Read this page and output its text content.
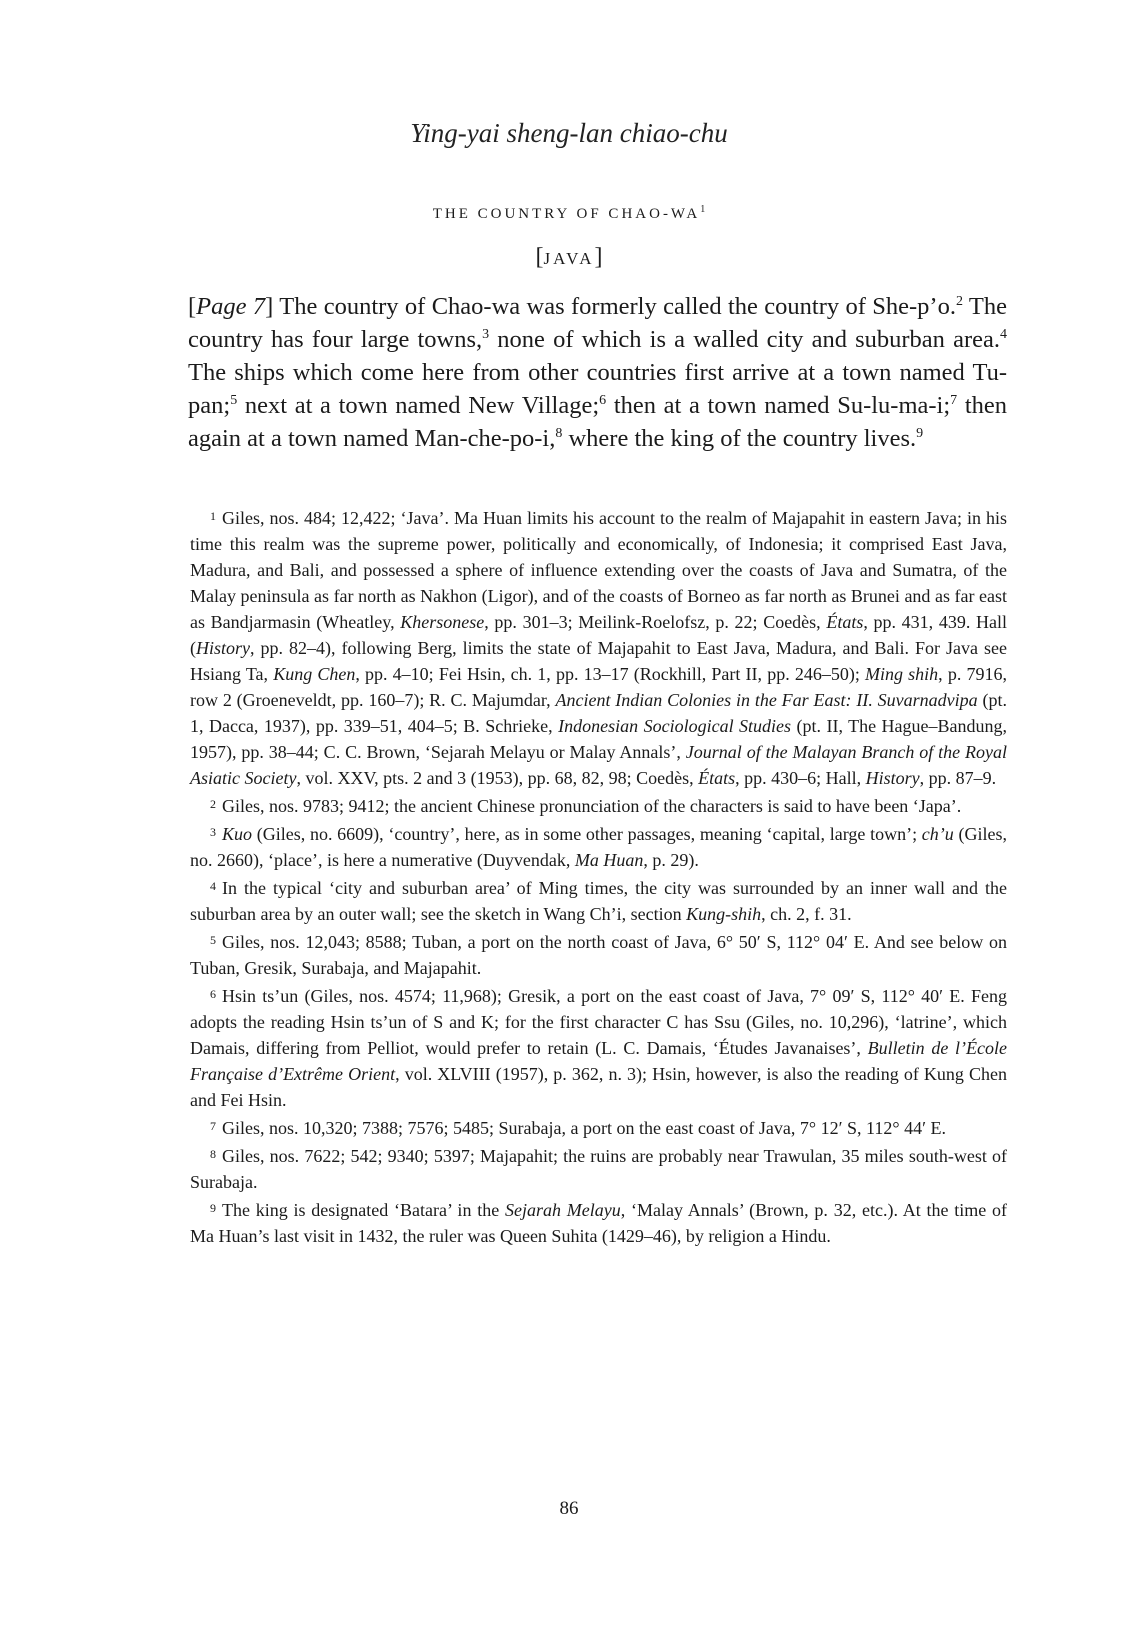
Ying-yai sheng-lan chiao-chu
THE COUNTRY OF CHAO-$WA^1$
[JAVA]

[Page 7] The country of Chao-wa was formerly called the country of She-p’o.$^2$ The country has four large towns,$^3$ none of which is a walled city and suburban area.$^4$ The ships which come here from other countries first arrive at a town named Tu-pan;$^5$ next at a town named New Village;$^6$ then at a town named Su-lu-ma-i;$^7$ then again at a town named Man-che-po-i,$^8$ where the king of the country lives.$^9$

$^1$ Giles, nos. 484; 12,422; ‘Java’. Ma Huan limits his account to the realm of Majapahit in eastern Java; in his time this realm was the supreme power, politically and economically, of Indonesia; it comprised East Java, Madura, and Bali, and possessed a sphere of influence extending over the coasts of Java and Sumatra, of the Malay peninsula as far north as Nakhon (Ligor), and of the coasts of Borneo as far north as Brunei and as far east as Bandjarmasin (Wheatley, Khersonese, pp. 301–3; Meilink-Roelofsz, p. 22; Coedès, États, pp. 431, 439. Hall (History, pp. 82–4), following Berg, limits the state of Majapahit to East Java, Madura, and Bali. For Java see Hsiang Ta, Kung Chen, pp. 4–10; Fei Hsin, ch. 1, pp. 13–17 (Rockhill, Part II, pp. 246–50); Ming shih, p. 7916, row 2 (Groeneveldt, pp. 160–7); R. C. Majumdar, Ancient Indian Colonies in the Far East: II. Suvarnadvipa (pt. 1, Dacca, 1937), pp. 339–51, 404–5; B. Schrieke, Indonesian Sociological Studies (pt. II, The Hague–Bandung, 1957), pp. 38–44; C. C. Brown, ‘Sejarah Melayu or Malay Annals’, Journal of the Malayan Branch of the Royal Asiatic Society, vol. XXV, pts. 2 and 3 (1953), pp. 68, 82, 98; Coedès, États, pp. 430–6; Hall, History, pp. 87–9.

$^2$ Giles, nos. 9783; 9412; the ancient Chinese pronunciation of the characters is said to have been ‘Japa’.

$^3$ Kuo (Giles, no. 6609), ‘country’, here, as in some other passages, meaning ‘capital, large town’; ch’u (Giles, no. 2660), ‘place’, is here a numerative (Duyvendak, Ma Huan, p. 29).

$^4$ In the typical ‘city and suburban area’ of Ming times, the city was surrounded by an inner wall and the suburban area by an outer wall; see the sketch in Wang Ch’i, section Kung-shih, ch. 2, f. 31.

$^5$ Giles, nos. 12,043; 8588; Tuban, a port on the north coast of Java, 6° 50′ S, 112° 04′ E. And see below on Tuban, Gresik, Surabaja, and Majapahit.

$^6$ Hsin ts’un (Giles, nos. 4574; 11,968); Gresik, a port on the east coast of Java, 7° 09′ S, 112° 40′ E. Feng adopts the reading Hsin ts’un of S and K; for the first character C has Ssu (Giles, no. 10,296), ‘latrine’, which Damais, differing from Pelliot, would prefer to retain (L. C. Damais, ‘Études Javanaises’, Bulletin de l’École Française d’Extrême Orient, vol. XLVIII (1957), p. 362, n. 3); Hsin, however, is also the reading of Kung Chen and Fei Hsin.

$^7$ Giles, nos. 10,320; 7388; 7576; 5485; Surabaja, a port on the east coast of Java, 7° 12′ S, 112° 44′ E.

$^8$ Giles, nos. 7622; 542; 9340; 5397; Majapahit; the ruins are probably near Trawulan, 35 miles south-west of Surabaja.

$^9$ The king is designated ‘Batara’ in the Sejarah Melayu, ‘Malay Annals’ (Brown, p. 32, etc.). At the time of Ma Huan’s last visit in 1432, the ruler was Queen Suhita (1429–46), by religion a Hindu.

86
